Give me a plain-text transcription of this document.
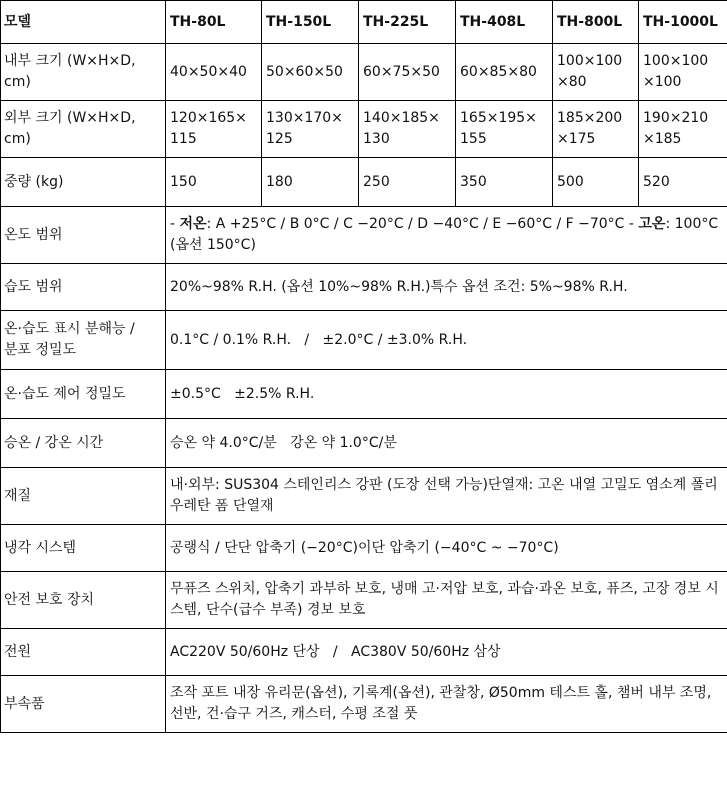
모델	TH-80L	TH-150L	TH-225L	TH-408L	TH-800L	TH-1000L
내부 크기 (W×H×D, cm)	40×50×40	50×60×50	60×75×50	60×85×80	100×100 ×80	100×100 ×100
외부 크기 (W×H×D, cm)	120×165× 115	130×170× 125	140×185× 130	165×195× 155	185×200 ×175	190×210 ×185
중량 (kg)	150	180	250	350	500	520
온도 범위	- 저온: A +25°C / B 0°C / C −20°C / D −40°C / E −60°C / F −70°C - 고온: 100°C (옵션 150°C)					
습도 범위	20%~98% R.H. (옵션 10%~98% R.H.)특수 옵션 조건: 5%~98% R.H.					
온·습도 표시 분해능 / 분포 정밀도	0.1°C / 0.1% R.H.   /   ±2.0°C / ±3.0% R.H.					
온·습도 제어 정밀도	±0.5°C   ±2.5% R.H.					
승온 / 강온 시간	승온 약 4.0°C/분   강온 약 1.0°C/분					
재질	내·외부: SUS304 스테인리스 강판 (도장 선택 가능)단열재: 고온 내열 고밀도 염소계 폴리우레탄 폼 단열재					
냉각 시스템	공랭식 / 단단 압축기 (−20°C)이단 압축기 (−40°C ~ −70°C)					
안전 보호 장치	무퓨즈 스위치, 압축기 과부하 보호, 냉매 고·저압 보호, 과습·과온 보호, 퓨즈, 고장 경보 시스템, 단수(급수 부족) 경보 보호					
전원	AC220V 50/60Hz 단상   /   AC380V 50/60Hz 삼상					
부속품	조작 포트 내장 유리문(옵션), 기록계(옵션), 관찰창, Ø50mm 테스트 홀, 챔버 내부 조명, 선반, 건·습구 거즈, 캐스터, 수평 조절 풋					
